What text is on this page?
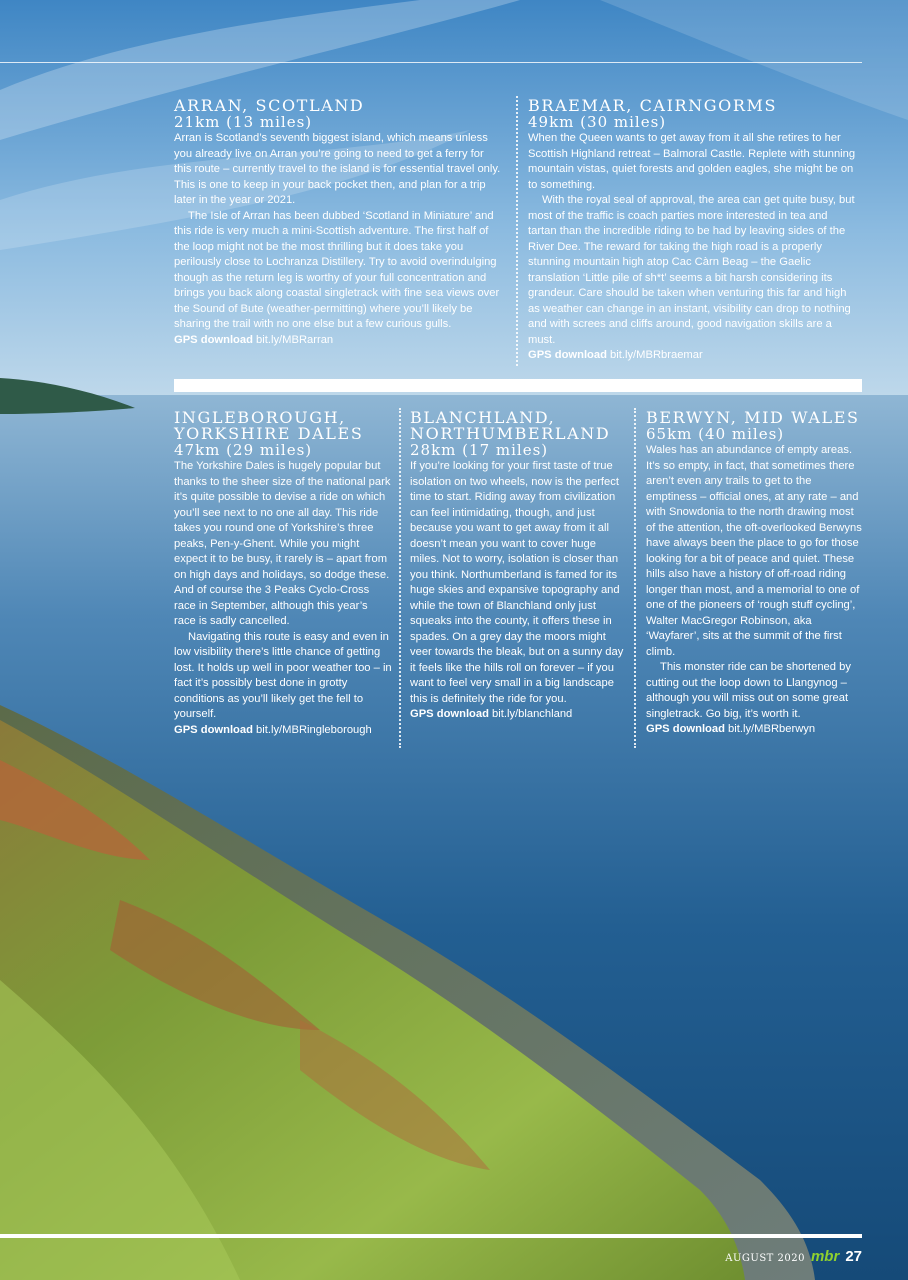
ARRAN, SCOTLAND
21km (13 miles)

Arran is Scotland’s seventh biggest island, which means unless you already live on Arran you’re going to need to get a ferry for this route – currently travel to the island is for essential travel only. This is one to keep in your back pocket then, and plan for a trip later in the year or 2021.

The Isle of Arran has been dubbed ‘Scotland in Miniature’ and this ride is very much a mini-Scottish adventure. The first half of the loop might not be the most thrilling but it does take you perilously close to Lochranza Distillery. Try to avoid overindulging though as the return leg is worthy of your full concentration and brings you back along coastal singletrack with fine sea views over the Sound of Bute (weather-permitting) where you’ll likely be sharing the trail with no one else but a few curious gulls.

GPS download bit.ly/MBRarran
BRAEMAR, CAIRNGORMS
49km (30 miles)

When the Queen wants to get away from it all she retires to her Scottish Highland retreat – Balmoral Castle. Replete with stunning mountain vistas, quiet forests and golden eagles, she might be on to something.

With the royal seal of approval, the area can get quite busy, but most of the traffic is coach parties more interested in tea and tartan than the incredible riding to be had by leaving sides of the River Dee. The reward for taking the high road is a properly stunning mountain high atop Cac Càrn Beag – the Gaelic translation ‘Little pile of sh*t’ seems a bit harsh considering its grandeur. Care should be taken when venturing this far and high as weather can change in an instant, visibility can drop to nothing and with screes and cliffs around, good navigation skills are a must.

GPS download bit.ly/MBRbraemar
INGLEBOROUGH, YORKSHIRE DALES
47km (29 miles)

The Yorkshire Dales is hugely popular but thanks to the sheer size of the national park it’s quite possible to devise a ride on which you’ll see next to no one all day. This ride takes you round one of Yorkshire’s three peaks, Pen-y-Ghent. While you might expect it to be busy, it rarely is – apart from on high days and holidays, so dodge these. And of course the 3 Peaks Cyclo-Cross race in September, although this year’s race is sadly cancelled.

Navigating this route is easy and even in low visibility there’s little chance of getting lost. It holds up well in poor weather too – in fact it’s possibly best done in grotty conditions as you’ll likely get the fell to yourself.

GPS download bit.ly/MBRingleborough
BLANCHLAND, NORTHUMBERLAND
28km (17 miles)

If you’re looking for your first taste of true isolation on two wheels, now is the perfect time to start. Riding away from civilization can feel intimidating, though, and just because you want to get away from it all doesn’t mean you want to cover huge miles. Not to worry, isolation is closer than you think. Northumberland is famed for its huge skies and expansive topography and while the town of Blanchland only just squeaks into the county, it offers these in spades. On a grey day the moors might veer towards the bleak, but on a sunny day it feels like the hills roll on forever – if you want to feel very small in a big landscape this is definitely the ride for you.

GPS download bit.ly/blanchland
BERWYN, MID WALES
65km (40 miles)

Wales has an abundance of empty areas. It’s so empty, in fact, that sometimes there aren’t even any trails to get to the emptiness – official ones, at any rate – and with Snowdonia to the north drawing most of the attention, the oft-overlooked Berwyns have always been the place to go for those looking for a bit of peace and quiet. These hills also have a history of off-road riding longer than most, and a memorial to one of one of the pioneers of ‘rough stuff cycling’, Walter MacGregor Robinson, aka ‘Wayfarer’, sits at the summit of the first climb.

This monster ride can be shortened by cutting out the loop down to Llangynog – although you will miss out on some great singletrack. Go big, it’s worth it.

GPS download bit.ly/MBRberwyn
AUGUST 2020 mbr 27
